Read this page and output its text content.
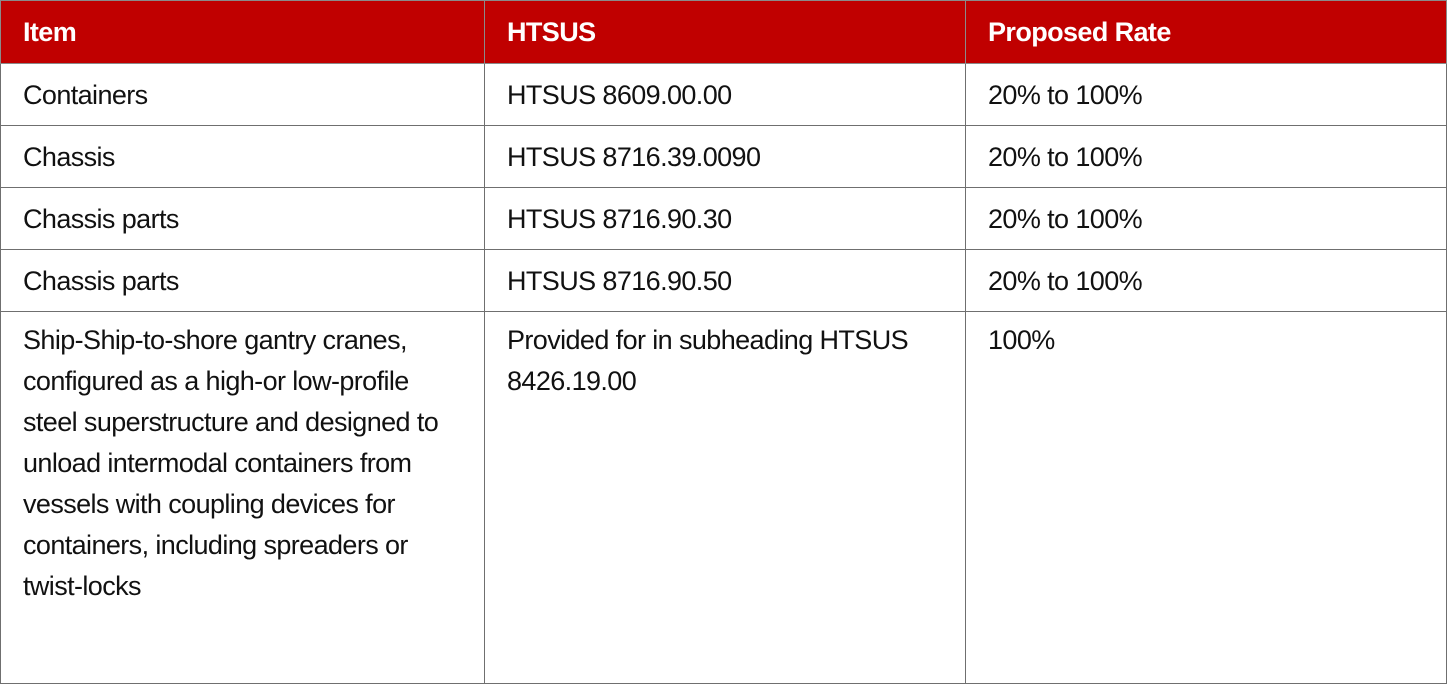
Item	HTSUS	Proposed Rate
Containers	HTSUS 8609.00.00	20% to 100%
Chassis	HTSUS 8716.39.0090	20% to 100%
Chassis parts	HTSUS 8716.90.30	20% to 100%
Chassis parts	HTSUS 8716.90.50	20% to 100%
Ship-Ship-to-shore gantry cranes, configured as a high-or low-profile steel superstructure and designed to unload intermodal containers from vessels with coupling devices for containers, including spreaders or twist-locks	Provided for in subheading HTSUS 8426.19.00	100%
